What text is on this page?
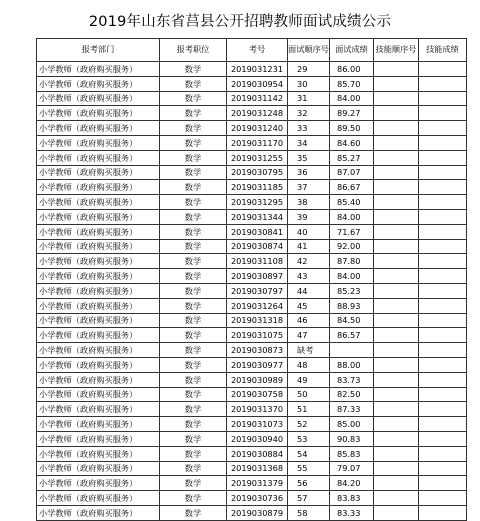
2019年山东省莒县公开招聘教师面试成绩公示
报考部门	报考职位	考号	面试顺序号	面试成绩	技能顺序号	技能成绩
小学教师（政府购买服务）	数学	2019031231	29	86.00		
小学教师（政府购买服务）	数学	2019030954	30	85.70		
小学教师（政府购买服务）	数学	2019031142	31	84.00		
小学教师（政府购买服务）	数学	2019031248	32	89.27		
小学教师（政府购买服务）	数学	2019031240	33	89.50		
小学教师（政府购买服务）	数学	2019031170	34	84.60		
小学教师（政府购买服务）	数学	2019031255	35	85.27		
小学教师（政府购买服务）	数学	2019030795	36	87.07		
小学教师（政府购买服务）	数学	2019031185	37	86.67		
小学教师（政府购买服务）	数学	2019031295	38	85.40		
小学教师（政府购买服务）	数学	2019031344	39	84.00		
小学教师（政府购买服务）	数学	2019030841	40	71.67		
小学教师（政府购买服务）	数学	2019030874	41	92.00		
小学教师（政府购买服务）	数学	2019031108	42	87.80		
小学教师（政府购买服务）	数学	2019030897	43	84.00		
小学教师（政府购买服务）	数学	2019030797	44	85.23		
小学教师（政府购买服务）	数学	2019031264	45	88.93		
小学教师（政府购买服务）	数学	2019031318	46	84.50		
小学教师（政府购买服务）	数学	2019031075	47	86.57		
小学教师（政府购买服务）	数学	2019030873	缺考			
小学教师（政府购买服务）	数学	2019030977	48	88.00		
小学教师（政府购买服务）	数学	2019030989	49	83.73		
小学教师（政府购买服务）	数学	2019030758	50	82.50		
小学教师（政府购买服务）	数学	2019031370	51	87.33		
小学教师（政府购买服务）	数学	2019031073	52	85.00		
小学教师（政府购买服务）	数学	2019030940	53	90.83		
小学教师（政府购买服务）	数学	2019030884	54	85.83		
小学教师（政府购买服务）	数学	2019031368	55	79.07		
小学教师（政府购买服务）	数学	2019031379	56	84.20		
小学教师（政府购买服务）	数学	2019030736	57	83.83		
小学教师（政府购买服务）	数学	2019030879	58	83.33		
